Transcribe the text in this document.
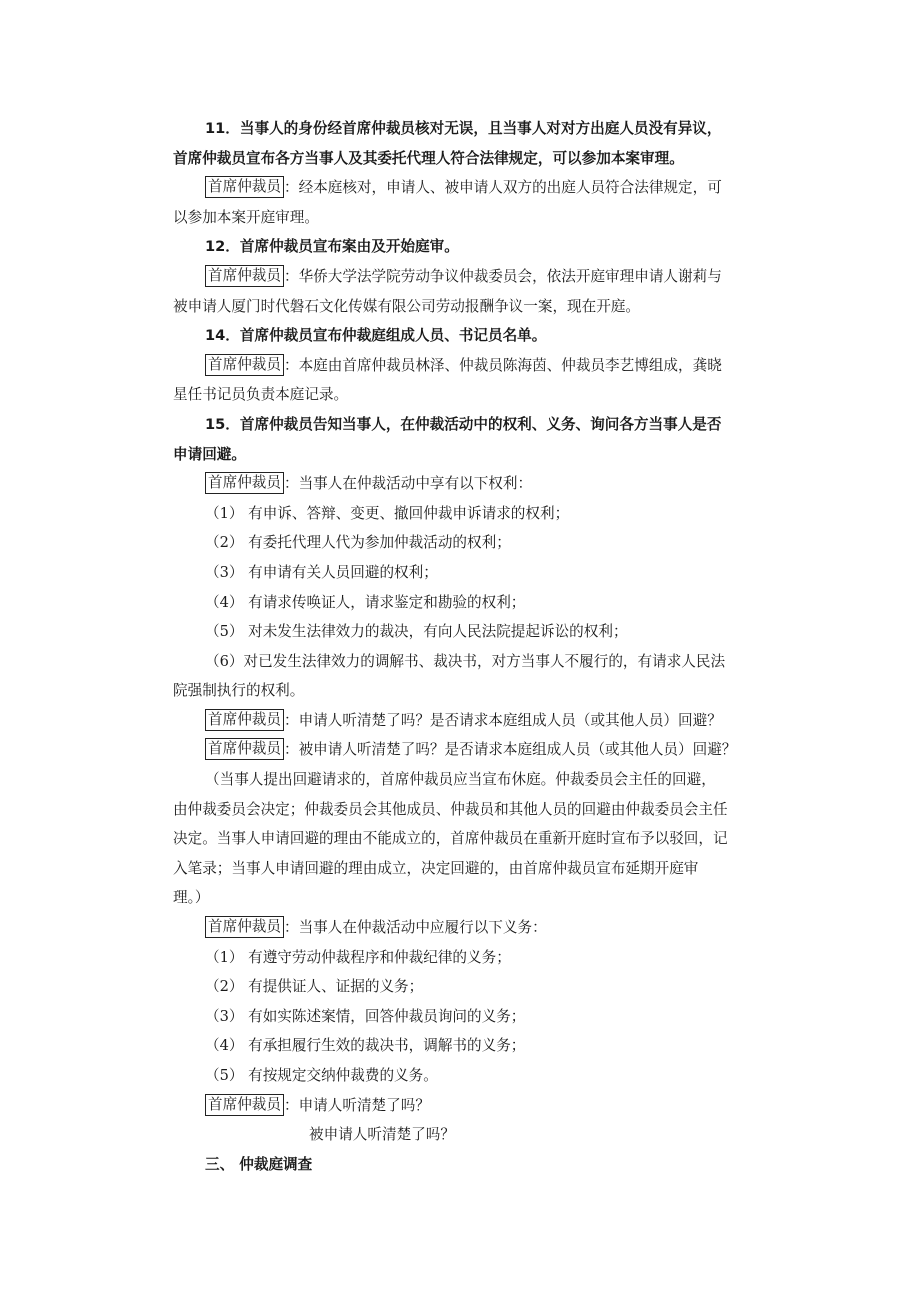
11．当事人的身份经首席仲裁员核对无误，且当事人对对方出庭人员没有异议，
首席仲裁员宣布各方当事人及其委托代理人符合法律规定，可以参加本案审理。
首席仲裁员 ：经本庭核对，申请人、被申请人双方的出庭人员符合法律规定，可
以参加本案开庭审理。
12．首席仲裁员宣布案由及开始庭审。
首席仲裁员 ：华侨大学法学院劳动争议仲裁委员会，依法开庭审理申请人谢莉与
被申请人厦门时代磐石文化传媒有限公司劳动报酬争议一案，现在开庭。
14．首席仲裁员宣布仲裁庭组成人员、书记员名单。
首席仲裁员 ：本庭由首席仲裁员林泽、仲裁员陈海茵、仲裁员李艺博组成，龚晓
星任书记员负责本庭记录。
15．首席仲裁员告知当事人，在仲裁活动中的权利、义务、询问各方当事人是否
申请回避。
首席仲裁员 ：当事人在仲裁活动中享有以下权利：
（1） 有申诉、答辩、变更、撤回仲裁申诉请求的权利；
（2） 有委托代理人代为参加仲裁活动的权利；
（3） 有申请有关人员回避的权利；
（4） 有请求传唤证人，请求鉴定和勘验的权利；
（5） 对未发生法律效力的裁决，有向人民法院提起诉讼的权利；
（6）对已发生法律效力的调解书、裁决书，对方当事人不履行的，有请求人民法
院强制执行的权利。
首席仲裁员 ：申请人听清楚了吗？是否请求本庭组成人员（或其他人员）回避？
首席仲裁员 ：被申请人听清楚了吗？是否请求本庭组成人员（或其他人员）回避？
（当事人提出回避请求的，首席仲裁员应当宣布休庭。仲裁委员会主任的回避，
由仲裁委员会决定；仲裁委员会其他成员、仲裁员和其他人员的回避由仲裁委员会主任
决定。当事人申请回避的理由不能成立的，首席仲裁员在重新开庭时宣布予以驳回，记
入笔录；当事人申请回避的理由成立，决定回避的，由首席仲裁员宣布延期开庭审
理。）
首席仲裁员 ：当事人在仲裁活动中应履行以下义务：
（1） 有遵守劳动仲裁程序和仲裁纪律的义务；
（2） 有提供证人、证据的义务；
（3） 有如实陈述案情，回答仲裁员询问的义务；
（4） 有承担履行生效的裁决书，调解书的义务；
（5） 有按规定交纳仲裁费的义务。
首席仲裁员 ：申请人听清楚了吗？
被申请人听清楚了吗？
三、 仲裁庭调查
